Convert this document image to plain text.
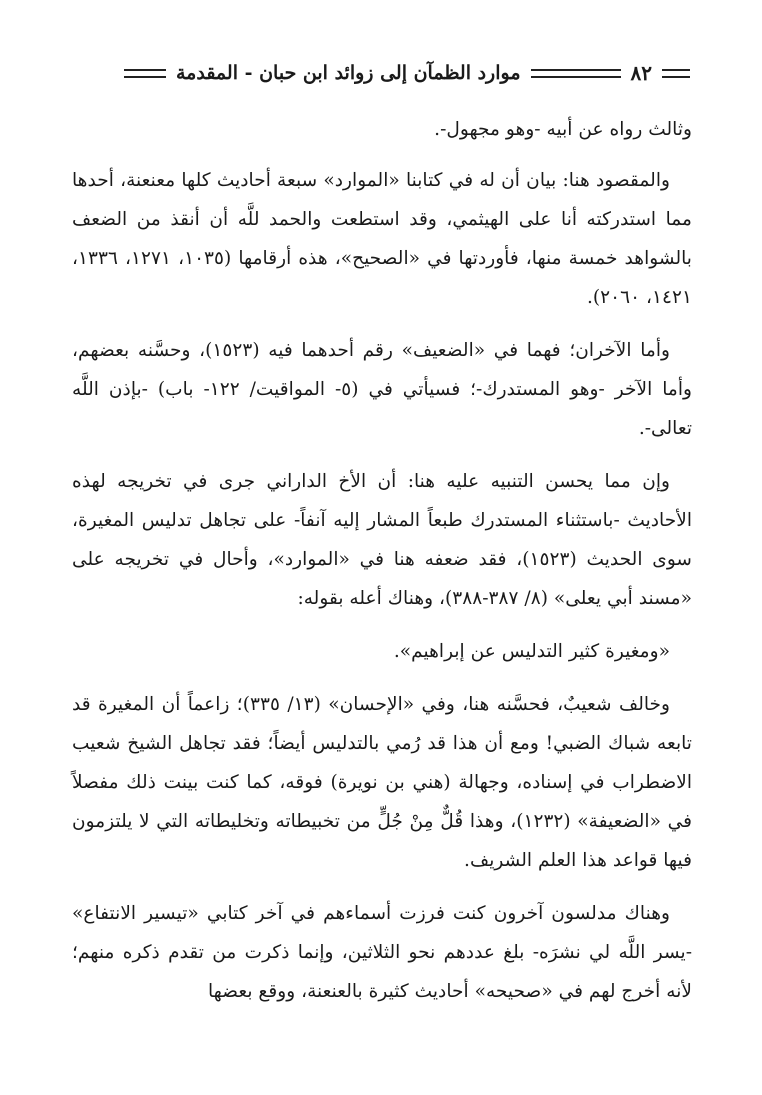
٨٢
موارد الظمآن إلى زوائد ابن حبان - المقدمة

وثالث رواه عن أبيه -وهو مجهول-.

والمقصود هنا: بيان أن له في كتابنا «الموارد» سبعة أحاديث كلها معنعنة، أحدها مما استدركته أنا على الهيثمي، وقد استطعت والحمد للَّه أن أنقذ من الضعف بالشواهد خمسة منها، فأوردتها في «الصحيح»، هذه أرقامها (١٠٣٥، ١٢٧١، ١٣٣٦، ١٤٢١، ٢٠٦٠).

وأما الآخران؛ فهما في «الضعيف» رقم أحدهما فيه (١٥٢٣)، وحسَّنه بعضهم، وأما الآخر -وهو المستدرك-؛ فسيأتي في (٥- المواقيت/ ١٢٢- باب) -بإذن اللَّه تعالى-.

وإن مما يحسن التنبيه عليه هنا: أن الأخ الداراني جرى في تخريجه لهذه الأحاديث -باستثناء المستدرك طبعاً المشار إليه آنفاً- على تجاهل تدليس المغيرة، سوى الحديث (١٥٢٣)، فقد ضعفه هنا في «الموارد»، وأحال في تخريجه على «مسند أبي يعلى» (٨/ ٣٨٧-٣٨٨)، وهناك أعله بقوله:

«ومغيرة كثير التدليس عن إبراهيم».

وخالف شعيبٌ، فحسَّنه هنا، وفي «الإحسان» (١٣/ ٣٣٥)؛ زاعماً أن المغيرة قد تابعه شباك الضبي! ومع أن هذا قد رُمي بالتدليس أيضاً؛ فقد تجاهل الشيخ شعيب الاضطراب في إسناده، وجهالة (هني بن نويرة) فوقه، كما كنت بينت ذلك مفصلاً في «الضعيفة» (١٢٣٢)، وهذا قُلٌّ مِنْ جُلٍّ من تخبيطاته وتخليطاته التي لا يلتزمون فيها قواعد هذا العلم الشريف.

وهناك مدلسون آخرون كنت فرزت أسماءهم في آخر كتابي «تيسير الانتفاع» -يسر اللَّه لي نشرَه- بلغ عددهم نحو الثلاثين، وإنما ذكرت من تقدم ذكره منهم؛ لأنه أخرج لهم في «صحيحه» أحاديث كثيرة بالعنعنة، ووقع بعضها
